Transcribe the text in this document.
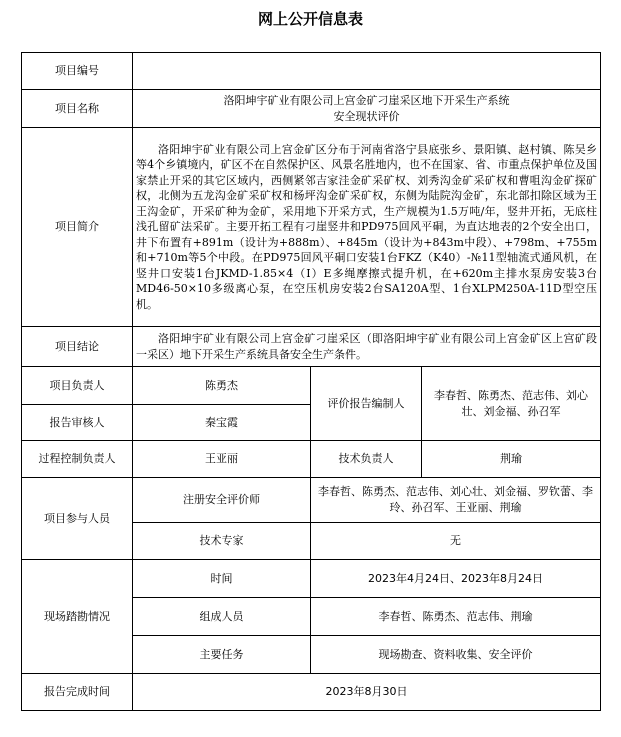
网上公开信息表
项目编号			
项目名称	洛阳坤宇矿业有限公司上宫金矿刁崖采区地下开采生产系统
安全现状评价		

项目简介	洛阳坤宇矿业有限公司上宫金矿区分布于河南省洛宁县底张乡、景阳镇、赵村镇、陈吴乡等4个乡镇境内，矿区不在自然保护区、风景名胜地内，也不在国家、省、市重点保护单位及国家禁止开采的其它区域内，西侧紧邻吉家洼金矿采矿权、刘秀沟金矿采矿权和曹咀沟金矿探矿权，北侧为五龙沟金矿采矿权和杨坪沟金矿采矿权，东侧为陆院沟金矿，东北部扣除区域为王王沟金矿，开采矿种为金矿，采用地下开采方式，生产规模为1.5万吨/年，竖井开拓，无底柱浅孔留矿法采矿。主要开拓工程有刁崖竖井和PD975回风平硐，为直达地表的2个安全出口，井下布置有+891m（设计为+888m）、+845m（设计为+843m中段）、+798m、+755m和+710m等5个中段。在PD975回风平硐口安装1台FKZ（K40）-№11型轴流式通风机，在竖井口安装1台JKMD-1.85×4（Ⅰ）E多绳摩擦式提升机，在+620m主排水泵房安装3台MD46-50×10多级离心泵，在空压机房安装2台SA120A型、1台XLPM250A-11D型空压机。		
项目结论	洛阳坤宇矿业有限公司上宫金矿刁崖采区（即洛阳坤宇矿业有限公司上宫金矿区上宫矿段一采区）地下开采生产系统具备安全生产条件。		
项目负责人	陈勇杰	评价报告编制人	李春哲、陈勇杰、范志伟、刘心壮、刘金福、孙召军
报告审核人	秦宝霞		
过程控制负责人	王亚丽	技术负责人	荆瑜
项目参与人员	注册安全评价师	李春哲、陈勇杰、范志伟、刘心壮、刘金福、罗钦蕾、李玲、孙召军、王亚丽、荆瑜	
	技术专家	无	
现场踏勘情况	时间	2023年4月24日、2023年8月24日	
	组成人员	李春哲、陈勇杰、范志伟、荆瑜	
	主要任务	现场勘查、资料收集、安全评价	
报告完成时间	2023年8月30日		
